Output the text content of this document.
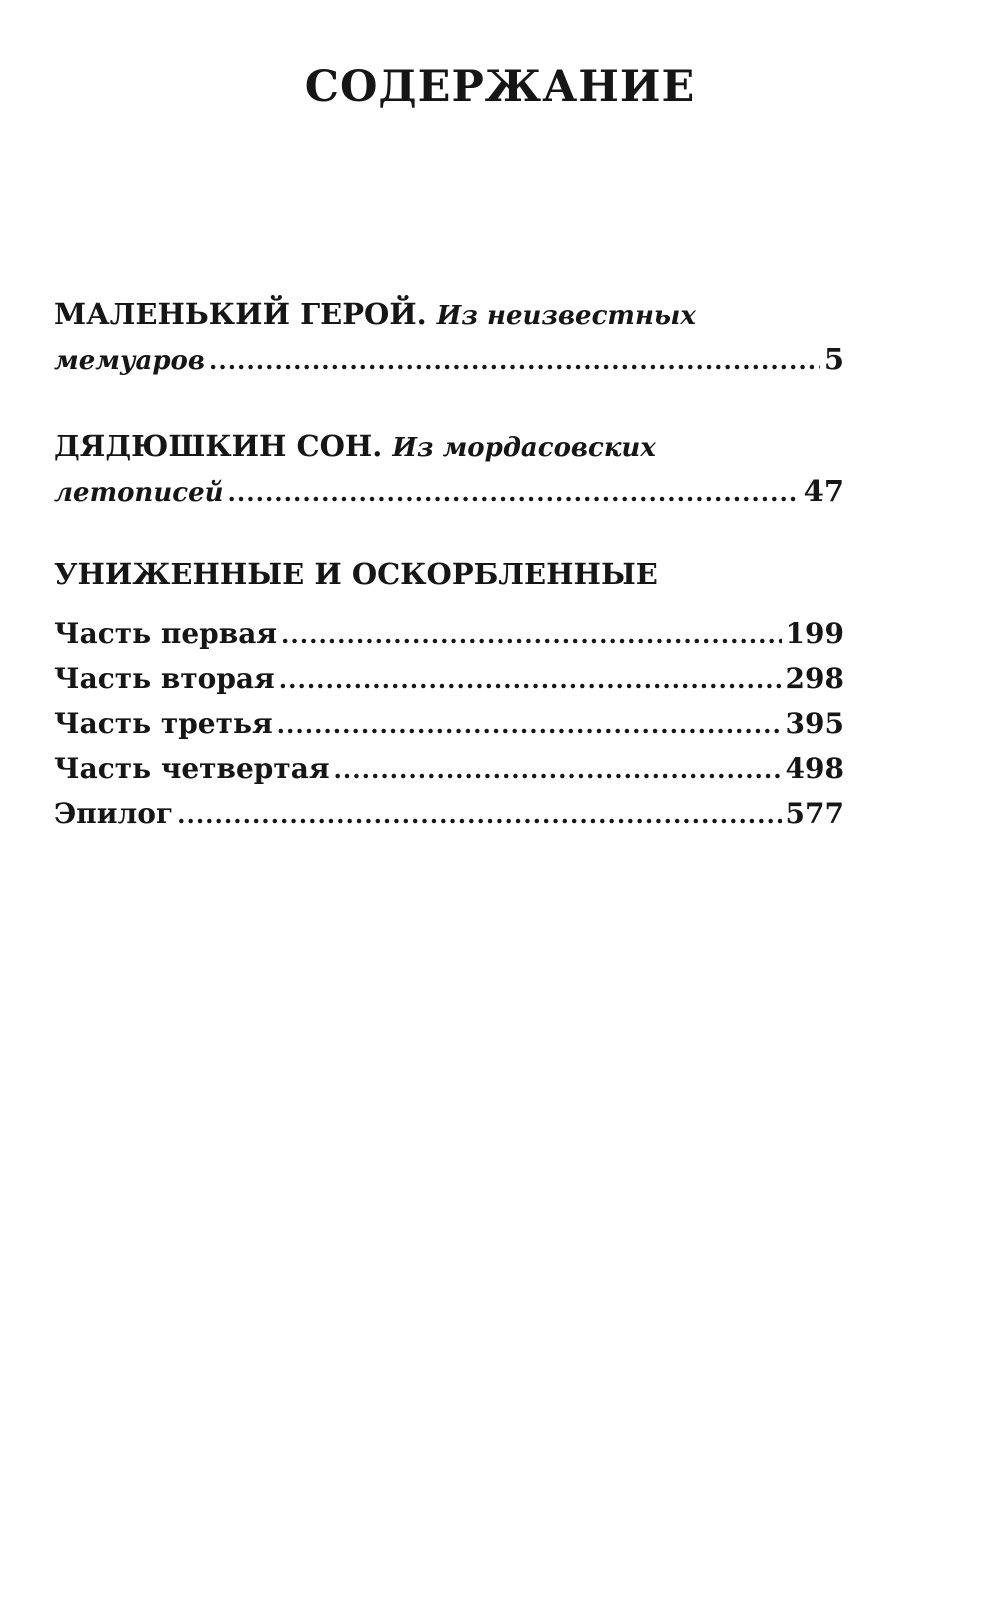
СОДЕРЖАНИЕ
МАЛЕНЬКИЙ ГЕРОЙ. Из неизвестных
мемуаров .....	5
ДЯДЮШКИН СОН. Из мордасовских
летописей .....	47
УНИЖЕННЫЕ И ОСКОРБЛЕННЫЕ
Часть первая .....	199
Часть вторая .....	298
Часть третья .....	395
Часть четвертая .....	498
Эпилог .....	577
